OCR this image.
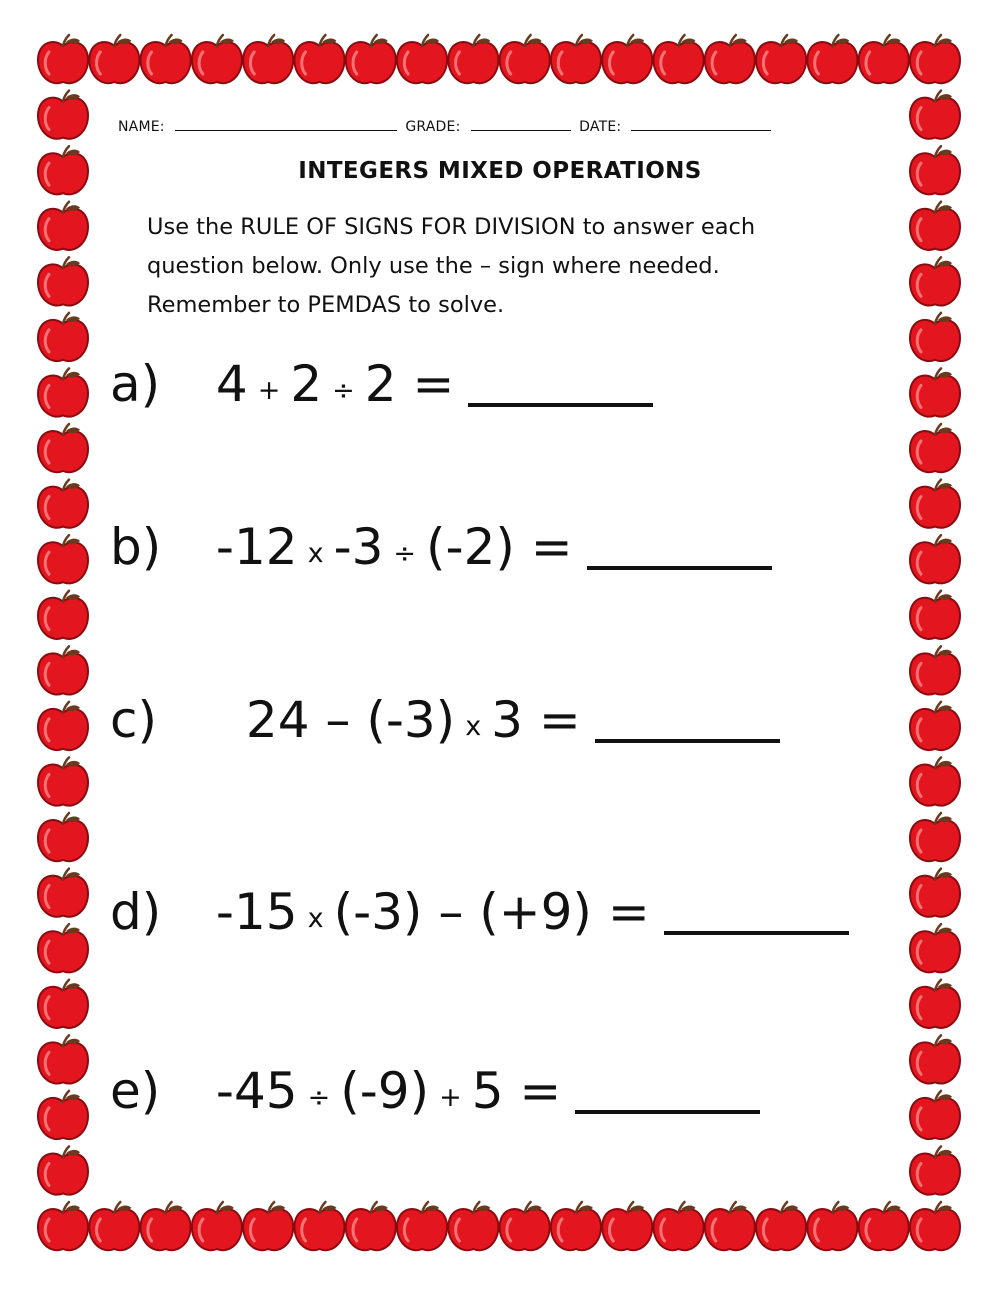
NAME:	GRADE:	DATE:
INTEGERS MIXED OPERATIONS

Use the RULE OF SIGNS FOR DIVISION to answer each

question below. Only use the – sign where needed.

Remember to PEMDAS to solve.

a) 4 + 2 ÷ 2 =
b) -12 x -3 ÷ (-2) =
c) 24 – (-3) x 3 =
d) -15 x (-3) – (+9) =
e) -45 ÷ (-9) + 5 =
